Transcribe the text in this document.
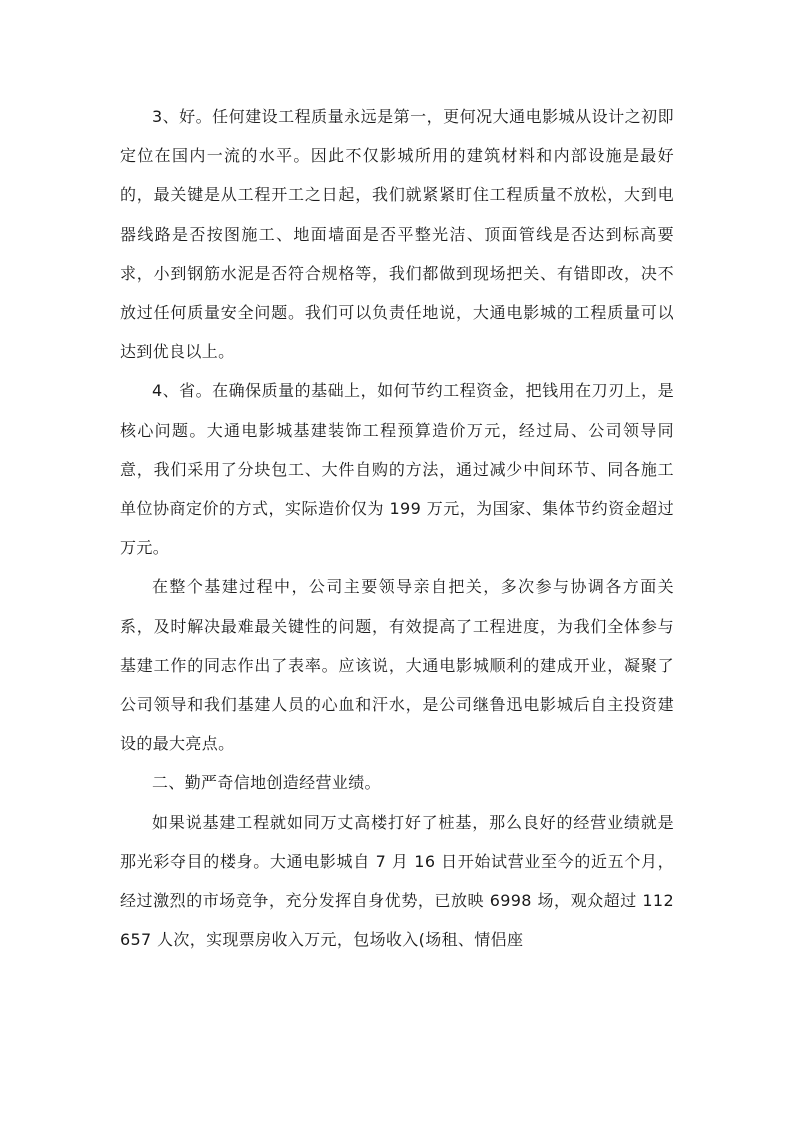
3、好。任何建设工程质量永远是第一，更何况大通电影城从设计之初即定位在国内一流的水平。因此不仅影城所用的建筑材料和内部设施是最好的，最关键是从工程开工之日起，我们就紧紧盯住工程质量不放松，大到电器线路是否按图施工、地面墙面是否平整光洁、顶面管线是否达到标高要求，小到钢筋水泥是否符合规格等，我们都做到现场把关、有错即改，决不放过任何质量安全问题。我们可以负责任地说，大通电影城的工程质量可以达到优良以上。

4、省。在确保质量的基础上，如何节约工程资金，把钱用在刀刃上，是核心问题。大通电影城基建装饰工程预算造价万元，经过局、公司领导同意，我们采用了分块包工、大件自购的方法，通过减少中间环节、同各施工单位协商定价的方式，实际造价仅为 199 万元，为国家、集体节约资金超过万元。

在整个基建过程中，公司主要领导亲自把关，多次参与协调各方面关系，及时解决最难最关键性的问题，有效提高了工程进度，为我们全体参与基建工作的同志作出了表率。应该说，大通电影城顺利的建成开业，凝聚了公司领导和我们基建人员的心血和汗水，是公司继鲁迅电影城后自主投资建设的最大亮点。

二、勤严奇信地创造经营业绩。

如果说基建工程就如同万丈高楼打好了桩基，那么良好的经营业绩就是那光彩夺目的楼身。大通电影城自 7 月 16 日开始试营业至今的近五个月，经过激烈的市场竞争，充分发挥自身优势，已放映 6998 场，观众超过 112657 人次，实现票房收入万元，包场收入(场租、情侣座
